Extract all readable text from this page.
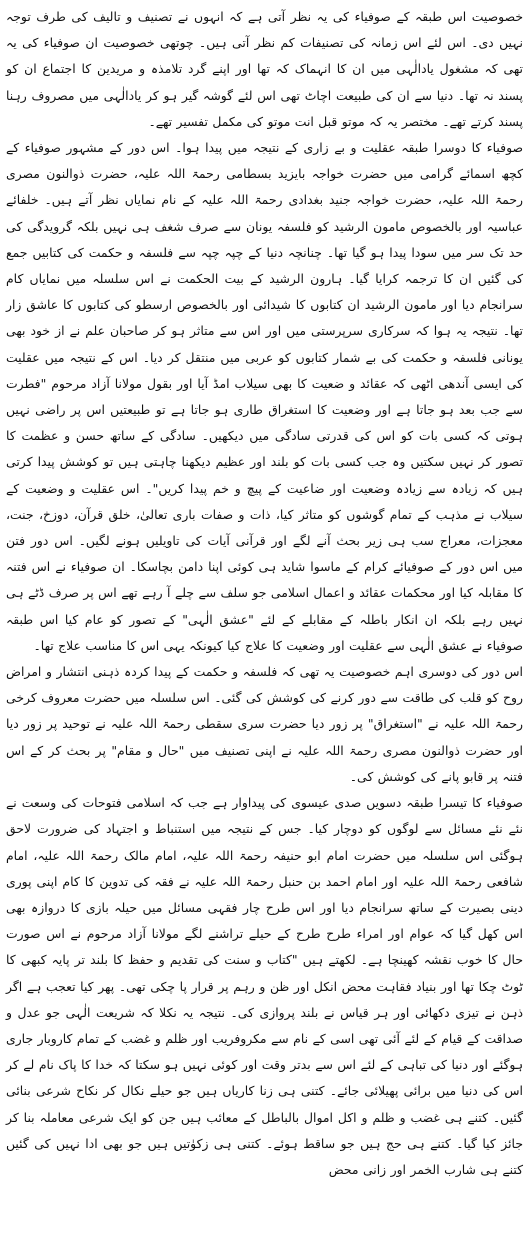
خصوصیت اس طبقہ کے صوفیاء کی یہ نظر آتی ہے کہ انہوں نے تصنیف و تالیف کی طرف توجہ نہیں دی۔ اس لئے اس زمانہ کی تصنیفات کم نظر آتی ہیں۔ چوتھی خصوصیت ان صوفیاء کی یہ تھی کہ مشغول یادالٰہی میں ان کا انہماک کہ تھا اور اپنے گرد تلامذہ و مریدین کا اجتماع ان کو پسند نہ تھا۔ دنیا سے ان کی طبیعت اچاٹ تھی اس لئے گوشہ گیر ہو کر یادالٰہی میں مصروف رہنا پسند کرتے تھے۔ مختصر یہ کہ موتو قبل انت موتو کی مکمل تفسیر تھے۔

صوفیاء کا دوسرا طبقہ عقلیت و بے زاری کے نتیجہ میں پیدا ہوا۔ اس دور کے مشہور صوفیاء کے کچھ اسمائے گرامی میں حضرت خواجہ بایزید بسطامی رحمۃ اللہ علیہ، حضرت ذوالنون مصری رحمۃ اللہ علیہ، حضرت خواجہ جنید بغدادی رحمۃ اللہ علیہ کے نام نمایاں نظر آتے ہیں۔ خلفائے عباسیہ اور بالخصوص مامون الرشید کو فلسفہ یونان سے صرف شغف ہی نہیں بلکہ گرویدگی کی حد تک سر میں سودا پیدا ہو گیا تھا۔ چنانچہ دنیا کے چپہ چپہ سے فلسفہ و حکمت کی کتابیں جمع کی گئیں ان کا ترجمہ کرایا گیا۔ ہارون الرشید کے بیت الحکمت نے اس سلسلہ میں نمایاں کام سرانجام دیا اور مامون الرشید ان کتابوں کا شیدائی اور بالخصوص ارسطو کی کتابوں کا عاشق زار تھا۔ نتیجہ یہ ہوا کہ سرکاری سرپرستی میں اور اس سے متاثر ہو کر صاحبان علم نے از خود بھی یونانی فلسفہ و حکمت کی بے شمار کتابوں کو عربی میں منتقل کر دیا۔ اس کے نتیجہ میں عقلیت کی ایسی آندھی اٹھی کہ عقائد و ضعیت کا بھی سیلاب امڈ آیا اور بقول مولانا آزاد مرحوم "فطرت سے جب بعد ہو جاتا ہے اور وضعیت کا استغراق طاری ہو جاتا ہے تو طبیعتیں اس پر راضی نہیں ہوتی کہ کسی بات کو اس کی قدرتی سادگی میں دیکھیں۔ سادگی کے ساتھ حسن و عظمت کا تصور کر نہیں سکتیں وہ جب کسی بات کو بلند اور عظیم دیکھنا چاہتی ہیں تو کوشش پیدا کرتی ہیں کہ زیادہ سے زیادہ وضعیت اور ضاعیت کے پیچ و خم پیدا کریں"۔ اس عقلیت و وضعیت کے سیلاب نے مذہب کے تمام گوشوں کو متاثر کیا، ذات و صفات باری تعالیٰ، خلق قرآن، دوزخ، جنت، معجزات، معراج سب ہی زیر بحث آنے لگے اور قرآنی آیات کی تاویلیں ہونے لگیں۔ اس دور فتن میں اس دور کے صوفیائے کرام کے ماسوا شاید ہی کوئی اپنا دامن بچاسکا۔ ان صوفیاء نے اس فتنہ کا مقابلہ کیا اور محکمات عقائد و اعمال اسلامی جو سلف سے چلے آ رہے تھے اس پر صرف ڈٹے ہی نہیں رہے بلکہ ان انکار باطلہ کے مقابلے کے لئے "عشق الٰہی" کے تصور کو عام کیا اس طبقہ صوفیاء نے عشق الٰہی سے عقلیت اور وضعیت کا علاج کیا کیونکہ یہی اس کا مناسب علاج تھا۔

اس دور کی دوسری اہم خصوصیت یہ تھی کہ فلسفہ و حکمت کے پیدا کردہ ذہنی انتشار و امراض روح کو قلب کی طاقت سے دور کرنے کی کوشش کی گئی۔ اس سلسلہ میں حضرت معروف کرخی رحمۃ اللہ علیہ نے "استغراق" پر زور دیا حضرت سری سقطی رحمۃ اللہ علیہ نے توحید پر زور دیا اور حضرت ذوالنون مصری رحمۃ اللہ علیہ نے اپنی تصنیف میں "حال و مقام" پر بحث کر کے اس فتنہ پر قابو پانے کی کوشش کی۔

صوفیاء کا تیسرا طبقہ دسویں صدی عیسوی کی پیداوار ہے جب کہ اسلامی فتوحات کی وسعت نے نئے نئے مسائل سے لوگوں کو دوچار کیا۔ جس کے نتیجہ میں استنباط و اجتہاد کی ضرورت لاحق ہوگئی اس سلسلہ میں حضرت امام ابو حنیفہ رحمۃ اللہ علیہ، امام مالک رحمۃ اللہ علیہ، امام شافعی رحمۃ اللہ علیہ اور امام احمد بن حنبل رحمۃ اللہ علیہ نے فقہ کی تدوین کا کام اپنی پوری دینی بصیرت کے ساتھ سرانجام دیا اور اس طرح چار فقہی مسائل میں حیلہ بازی کا دروازہ بھی اس کھل گیا کہ عوام اور امراء طرح طرح کے حیلے تراشنے لگے مولانا آزاد مرحوم نے اس صورت حال کا خوب نقشہ کھینچا ہے۔ لکھتے ہیں "کتاب و سنت کی تقدیم و حفظ کا بلند تر پایہ کبھی کا ٹوٹ چکا تھا اور بنیاد فقاہت محض انکل اور ظن و رہم پر قرار پا چکی تھی۔ پھر کیا تعجب ہے اگر ذہن نے تیزی دکھائی اور ہر قیاس نے بلند پروازی کی۔ نتیجہ یہ نکلا کہ شریعت الٰہی جو عدل و صداقت کے قیام کے لئے آئی تھی اسی کے نام سے مکروفریب اور ظلم و غضب کے تمام کاروبار جاری ہوگئے اور دنیا کی تباہی کے لئے اس سے بدتر وقت اور کوئی نہیں ہو سکتا کہ خدا کا پاک نام لے کر اس کی دنیا میں برائی پھیلائی جائے۔ کتنی ہی زنا کاریاں ہیں جو حیلے نکال کر نکاح شرعی بنائی گئیں۔ کتنے ہی غضب و ظلم و اکل اموال بالباطل کے معائب ہیں جن کو ایک شرعی معاملہ بنا کر جائز کیا گیا۔ کتنے ہی حج ہیں جو ساقط ہوئے۔ کتنی ہی زکوٰتیں ہیں جو بھی ادا نہیں کی گئیں کتنے ہی شارب الخمر اور زانی محض
